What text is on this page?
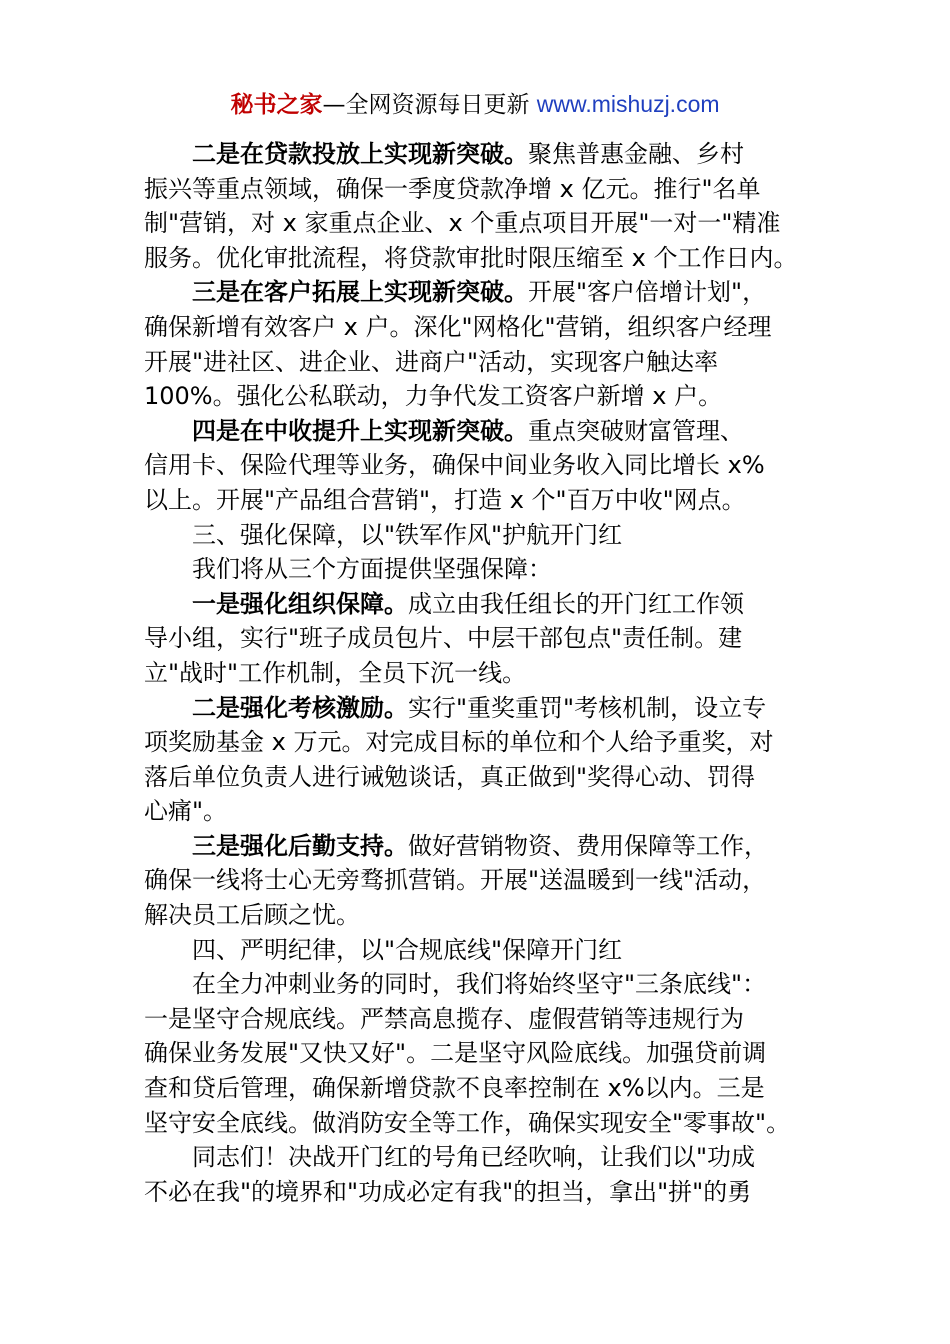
秘书之家—全网资源每日更新 www.mishuzj.com
二是在贷款投放上实现新突破。聚焦普惠金融、乡村
振兴等重点领域，确保一季度贷款净增 x 亿元。推行"名单
制"营销，对 x 家重点企业、x 个重点项目开展"一对一"精准
服务。优化审批流程，将贷款审批时限压缩至 x 个工作日内。
三是在客户拓展上实现新突破。开展"客户倍增计划"，
确保新增有效客户 x 户。深化"网格化"营销，组织客户经理
开展"进社区、进企业、进商户"活动，实现客户触达率
100%。强化公私联动，力争代发工资客户新增 x 户。
四是在中收提升上实现新突破。重点突破财富管理、
信用卡、保险代理等业务，确保中间业务收入同比增长 x%
以上。开展"产品组合营销"，打造 x 个"百万中收"网点。
三、强化保障，以"铁军作风"护航开门红
我们将从三个方面提供坚强保障：
一是强化组织保障。成立由我任组长的开门红工作领
导小组，实行"班子成员包片、中层干部包点"责任制。建
立"战时"工作机制，全员下沉一线。
二是强化考核激励。实行"重奖重罚"考核机制，设立专
项奖励基金 x 万元。对完成目标的单位和个人给予重奖，对
落后单位负责人进行诫勉谈话，真正做到"奖得心动、罚得
心痛"。
三是强化后勤支持。做好营销物资、费用保障等工作，
确保一线将士心无旁骛抓营销。开展"送温暖到一线"活动，
解决员工后顾之忧。
四、严明纪律，以"合规底线"保障开门红
在全力冲刺业务的同时，我们将始终坚守"三条底线"：
一是坚守合规底线。严禁高息揽存、虚假营销等违规行为
确保业务发展"又快又好"。二是坚守风险底线。加强贷前调
查和贷后管理，确保新增贷款不良率控制在 x%以内。三是
坚守安全底线。做消防安全等工作，确保实现安全"零事故"。
同志们！决战开门红的号角已经吹响，让我们以"功成
不必在我"的境界和"功成必定有我"的担当，拿出"拼"的勇
